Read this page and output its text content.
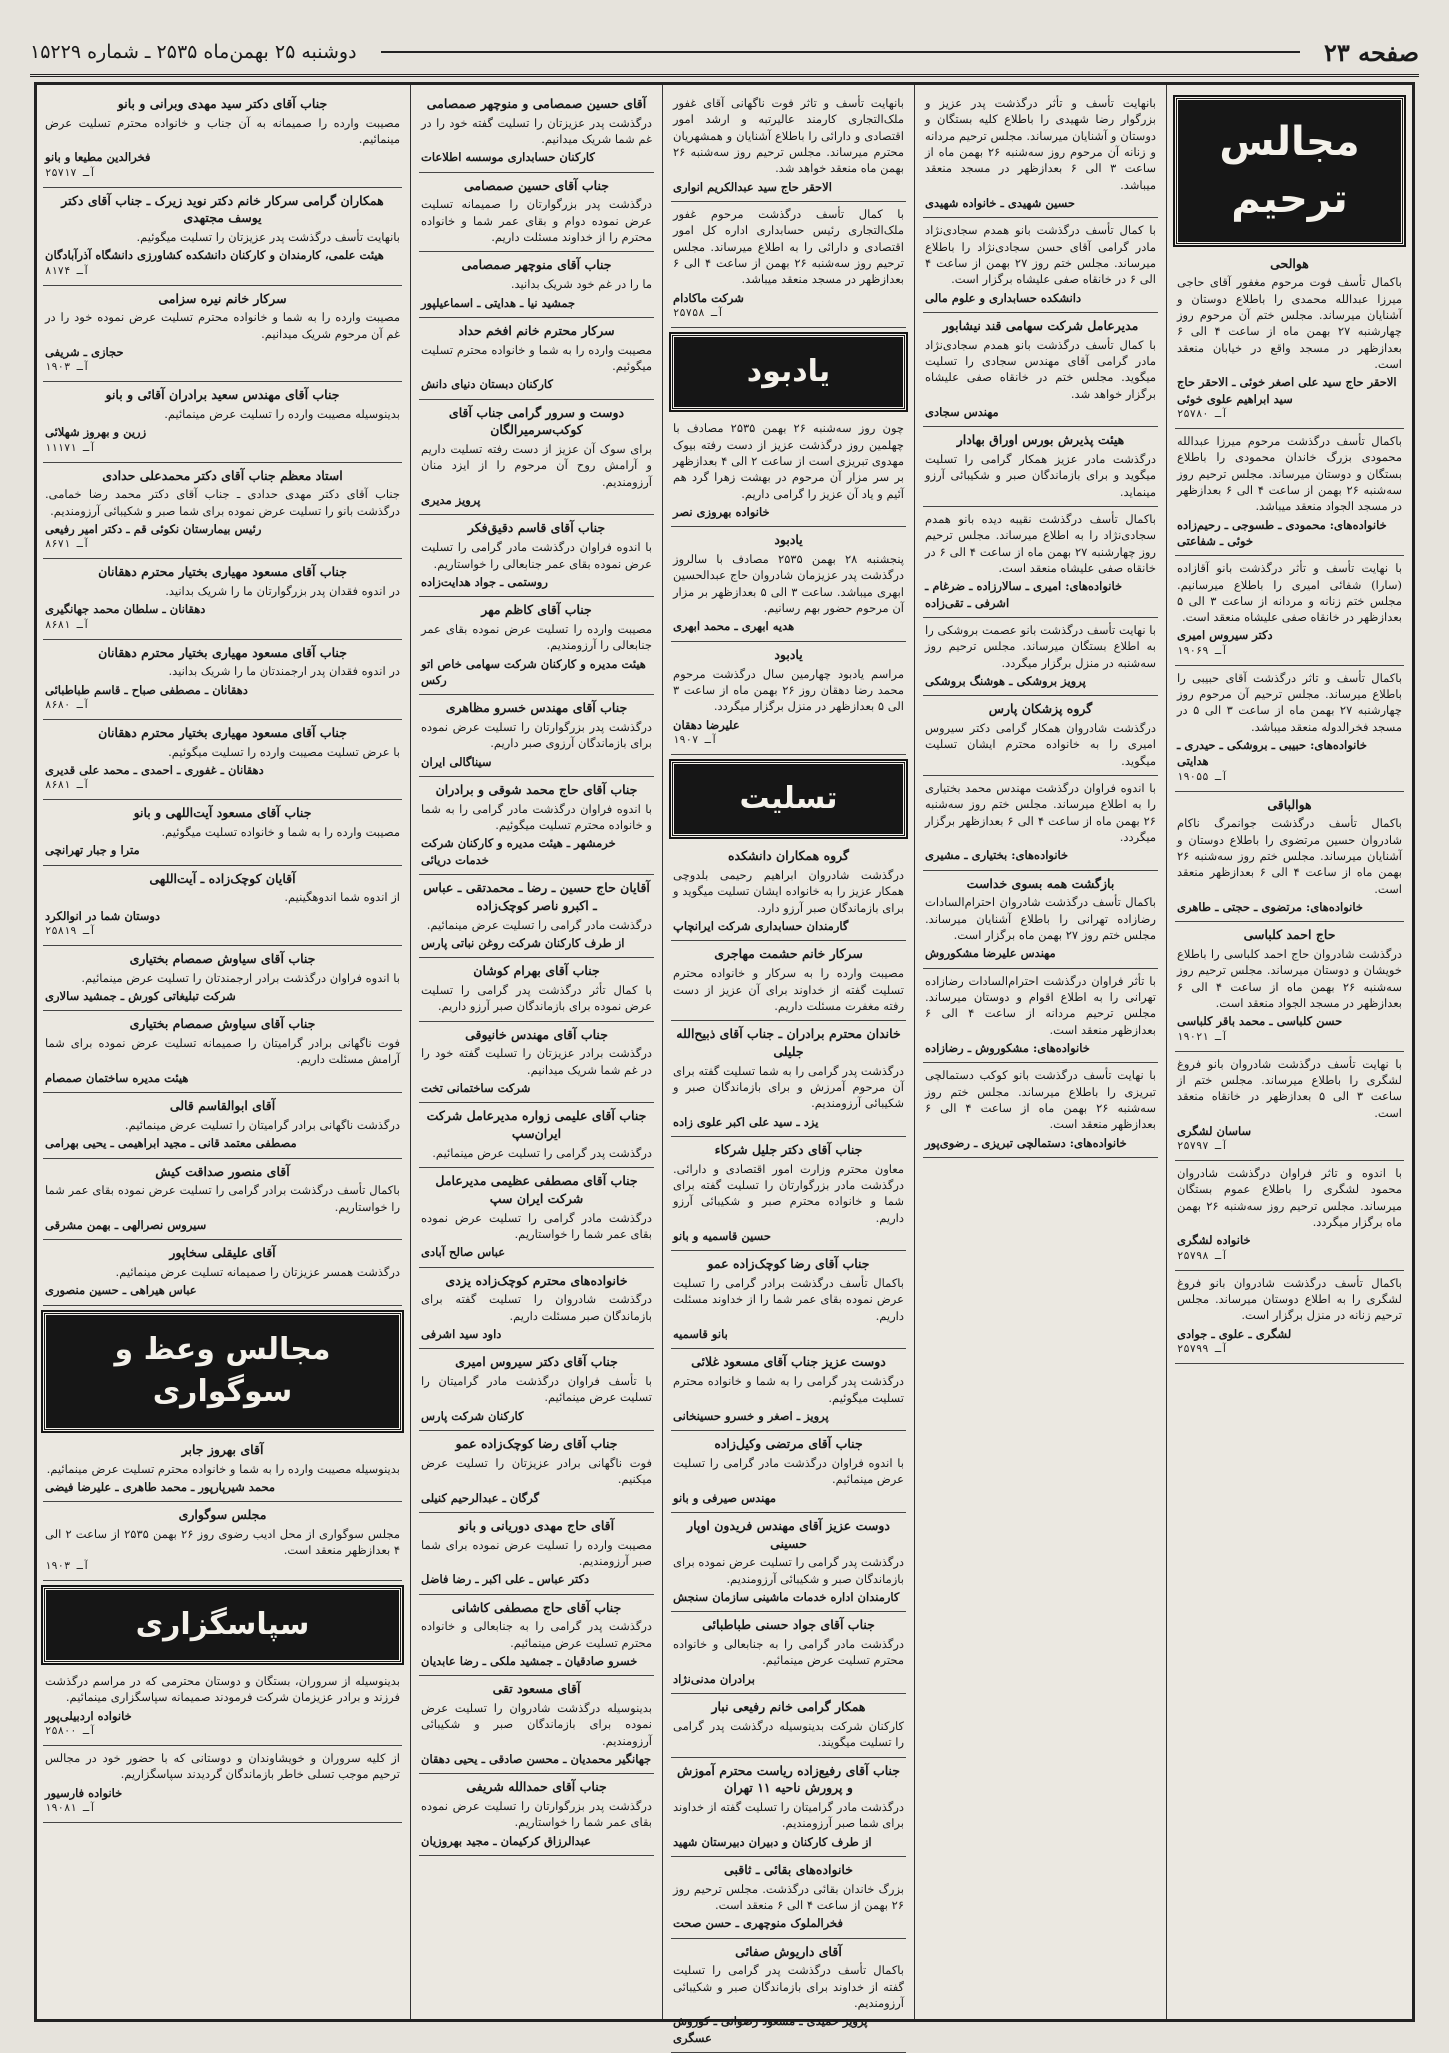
صفحه ۲۳
دوشنبه ۲۵ بهمن‌ماه ۲۵۳۵ ـ شماره ۱۵۲۲۹
مجالس ترحیم
هوالحی

باکمال تأسف فوت مرحوم مغفور آقای حاجی میرزا عبدالله محمدی را باطلاع دوستان و آشنایان میرساند. مجلس ختم آن مرحوم روز چهارشنبه ۲۷ بهمن ماه از ساعت ۴ الی ۶ بعدازظهر در مسجد واقع در خیابان منعقد است.

الاحقر حاج سید علی اصغر خوئی ـ الاحقر حاج سید ابراهیم علوی خوئی
آـ ۲۵۷۸۰

باکمال تأسف درگذشت مرحوم میرزا عبدالله محمودی بزرگ خاندان محمودی را باطلاع بستگان و دوستان میرساند. مجلس ترحیم روز سه‌شنبه ۲۶ بهمن از ساعت ۴ الی ۶ بعدازظهر در مسجد الجواد منعقد میباشد.

خانواده‌های: محمودی ـ طسوجی ـ رحیم‌زاده خوئی ـ شفاعتی

با نهایت تأسف و تأثر درگذشت بانو آقازاده (سارا) شفائی امیری را باطلاع میرسانیم. مجلس ختم زنانه و مردانه از ساعت ۳ الی ۵ بعدازظهر در خانقاه صفی علیشاه منعقد است.

دکتر سیروس امیری
آـ ۱۹۰۶۹

باکمال تأسف و تاثر درگذشت آقای حبیبی را باطلاع میرساند. مجلس ترحیم آن مرحوم روز چهارشنبه ۲۷ بهمن ماه از ساعت ۳ الی ۵ در مسجد فخرالدوله منعقد میباشد.

خانواده‌های: حبیبی ـ بروشکی ـ حیدری ـ هدایتی
آـ ۱۹۰۵۵
هوالباقی

باکمال تأسف درگذشت جوانمرگ ناکام شادروان حسین مرتضوی را باطلاع دوستان و آشنایان میرساند. مجلس ختم روز سه‌شنبه ۲۶ بهمن ماه از ساعت ۴ الی ۶ بعدازظهر منعقد است.

خانواده‌های: مرتضوی ـ حجتی ـ طاهری
حاج احمد کلباسی

درگذشت شادروان حاج احمد کلباسی را باطلاع خویشان و دوستان میرساند. مجلس ترحیم روز سه‌شنبه ۲۶ بهمن ماه از ساعت ۴ الی ۶ بعدازظهر در مسجد الجواد منعقد است.

حسن کلباسی ـ محمد باقر کلباسی
آـ ۱۹۰۲۱

با نهایت تأسف درگذشت شادروان بانو فروغ لشگری را باطلاع میرساند. مجلس ختم از ساعت ۳ الی ۵ بعدازظهر در خانقاه منعقد است.

ساسان لشگری
آـ ۲۵۷۹۷

با اندوه و تاثر فراوان درگذشت شادروان محمود لشگری را باطلاع عموم بستگان میرساند. مجلس ترحیم روز سه‌شنبه ۲۶ بهمن ماه برگزار میگردد.

خانواده لشگری
آـ ۲۵۷۹۸

باکمال تأسف درگذشت شادروان بانو فروغ لشگری را به اطلاع دوستان میرساند. مجلس ترحیم زنانه در منزل برگزار است.

لشگری ـ علوی ـ جوادی
آـ ۲۵۷۹۹

بانهایت تأسف و تأثر درگذشت پدر عزیز و بزرگوار رضا شهیدی را باطلاع کلیه بستگان و دوستان و آشنایان میرساند. مجلس ترحیم مردانه و زنانه آن مرحوم روز سه‌شنبه ۲۶ بهمن ماه از ساعت ۳ الی ۶ بعدازظهر در مسجد منعقد میباشد.

حسین شهیدی ـ خانواده شهیدی

با کمال تأسف درگذشت بانو همدم سجادی‌نژاد مادر گرامی آقای حسن سجادی‌نژاد را باطلاع میرساند. مجلس ختم روز ۲۷ بهمن از ساعت ۴ الی ۶ در خانقاه صفی علیشاه برگزار است.

دانشکده حسابداری و علوم مالی
مدیرعامل شرکت سهامی قند نیشابور

با کمال تأسف درگذشت بانو همدم سجادی‌نژاد مادر گرامی آقای مهندس سجادی را تسلیت میگوید. مجلس ختم در خانقاه صفی علیشاه برگزار خواهد شد.

مهندس سجادی
هیئت پذیرش بورس اوراق بهادار

درگذشت مادر عزیز همکار گرامی را تسلیت میگوید و برای بازماندگان صبر و شکیبائی آرزو مینماید.

باکمال تأسف درگذشت نقیبه دیده بانو همدم سجادی‌نژاد را به اطلاع میرساند. مجلس ترحیم روز چهارشنبه ۲۷ بهمن ماه از ساعت ۴ الی ۶ در خانقاه صفی علیشاه منعقد است.

خانواده‌های: امیری ـ سالارزاده ـ ضرغام ـ اشرفی ـ تقی‌زاده

با نهایت تأسف درگذشت بانو عصمت بروشکی را به اطلاع بستگان میرساند. مجلس ترحیم روز سه‌شنبه در منزل برگزار میگردد.

پرویز بروشکی ـ هوشنگ بروشکی
گروه پزشکان پارس

درگذشت شادروان همکار گرامی دکتر سیروس امیری را به خانواده محترم ایشان تسلیت میگوید.

با اندوه فراوان درگذشت مهندس محمد بختیاری را به اطلاع میرساند. مجلس ختم روز سه‌شنبه ۲۶ بهمن ماه از ساعت ۴ الی ۶ بعدازظهر برگزار میگردد.

خانواده‌های: بختیاری ـ مشیری
بازگشت همه بسوی خداست

باکمال تأسف درگذشت شادروان احترام‌السادات رضازاده تهرانی را باطلاع آشنایان میرساند. مجلس ختم روز ۲۷ بهمن ماه برگزار است.

مهندس علیرضا مشکوروش

با تأثر فراوان درگذشت احترام‌السادات رضازاده تهرانی را به اطلاع اقوام و دوستان میرساند. مجلس ترحیم مردانه از ساعت ۴ الی ۶ بعدازظهر منعقد است.

خانواده‌های: مشکوروش ـ رضازاده

با نهایت تأسف درگذشت بانو کوکب دستمالچی تبریزی را باطلاع میرساند. مجلس ختم روز سه‌شنبه ۲۶ بهمن ماه از ساعت ۴ الی ۶ بعدازظهر منعقد است.

خانواده‌های: دستمالچی تبریزی ـ رضوی‌پور

بانهایت تأسف و تاثر فوت ناگهانی آقای غفور ملک‌التجاری کارمند عالیرتبه و ارشد امور اقتصادی و دارائی را باطلاع آشنایان و همشهریان محترم میرساند. مجلس ترحیم روز سه‌شنبه ۲۶ بهمن ماه منعقد خواهد شد.

الاحقر حاج سید عبدالکریم انواری

با کمال تأسف درگذشت مرحوم غفور ملک‌التجاری رئیس حسابداری اداره کل امور اقتصادی و دارائی را به اطلاع میرساند. مجلس ترحیم روز سه‌شنبه ۲۶ بهمن از ساعت ۴ الی ۶ بعدازظهر در مسجد منعقد میباشد.

شرکت ماکادام
آـ ۲۵۷۵۸
یادبود

چون روز سه‌شنبه ۲۶ بهمن ۲۵۳۵ مصادف با چهلمین روز درگذشت عزیز از دست رفته بیوک مهدوی تبریزی است از ساعت ۲ الی ۴ بعدازظهر بر سر مزار آن مرحوم در بهشت زهرا گرد هم آئیم و یاد آن عزیز را گرامی داریم.

خانواده بهروزی نصر
یادبود

پنجشنبه ۲۸ بهمن ۲۵۳۵ مصادف با سالروز درگذشت پدر عزیزمان شادروان حاج عبدالحسین ابهری میباشد. ساعت ۳ الی ۵ بعدازظهر بر مزار آن مرحوم حضور بهم رسانیم.

هدیه ابهری ـ محمد ابهری
یادبود

مراسم یادبود چهارمین سال درگذشت مرحوم محمد رضا دهقان روز ۲۶ بهمن ماه از ساعت ۳ الی ۵ بعدازظهر در منزل برگزار میگردد.

علیرضا دهقان
آـ ۱۹۰۷
تسلیت
گروه همکاران دانشکده

درگذشت شادروان ابراهیم رحیمی بلدوچی همکار عزیز را به خانواده ایشان تسلیت میگوید و برای بازماندگان صبر آرزو دارد.

گارمندان حسابداری شرکت ایرانچاپ
سرکار خانم حشمت مهاجری

مصیبت وارده را به سرکار و خانواده محترم تسلیت گفته از خداوند برای آن عزیز از دست رفته مغفرت مسئلت داریم.

خاندان محترم برادران ـ جناب آقای ذبیح‌الله جلیلی

درگذشت پدر گرامی را به شما تسلیت گفته برای آن مرحوم آمرزش و برای بازماندگان صبر و شکیبائی آرزومندیم.

یزد ـ سید علی اکبر علوی زاده
جناب آقای دکتر جلیل شرکاء

معاون محترم وزارت امور اقتصادی و دارائی. درگذشت مادر بزرگوارتان را تسلیت گفته برای شما و خانواده محترم صبر و شکیبائی آرزو داریم.

حسین قاسمیه و بانو
جناب آقای رضا کوچک‌زاده عمو

باکمال تأسف درگذشت برادر گرامی را تسلیت عرض نموده بقای عمر شما را از خداوند مسئلت داریم.

بانو قاسمیه
دوست عزیز جناب آقای مسعود غلائی

درگذشت پدر گرامی را به شما و خانواده محترم تسلیت میگوئیم.

پرویز ـ اصغر و خسرو حسینخانی
جناب آقای مرتضی وکیل‌زاده

با اندوه فراوان درگذشت مادر گرامی را تسلیت عرض مینمائیم.

مهندس صیرفی و بانو
دوست عزیز آقای مهندس فریدون اوپار حسینی

درگذشت پدر گرامی را تسلیت عرض نموده برای بازماندگان صبر و شکیبائی آرزومندیم.

کارمندان اداره خدمات ماشینی سازمان سنجش
جناب آقای جواد حسنی طباطبائی

درگذشت مادر گرامی را به جنابعالی و خانواده محترم تسلیت عرض مینمائیم.

برادران مدنی‌نژاد
همکار گرامی خانم رفیعی نبار

کارکنان شرکت بدینوسیله درگذشت پدر گرامی را تسلیت میگویند.

جناب آقای رفیع‌زاده ریاست محترم آموزش و پرورش ناحیه ۱۱ تهران

درگذشت مادر گرامیتان را تسلیت گفته از خداوند برای شما صبر آرزومندیم.

از طرف کارکنان و دبیران دبیرستان شهید
خانواده‌های بقائی ـ ثاقبی

بزرگ خاندان بقائی درگذشت. مجلس ترحیم روز ۲۶ بهمن از ساعت ۴ الی ۶ منعقد است.

فخرالملوک منوچهری ـ حسن صحت
آقای داریوش صفائی

باکمال تأسف درگذشت پدر گرامی را تسلیت گفته از خداوند برای بازماندگان صبر و شکیبائی آرزومندیم.

پرویز حمیدی ـ مسعود رضوانی ـ کوروش عسگری
آقای حسین صمصامی و منوچهر صمصامی

درگذشت پدر عزیزتان را تسلیت گفته خود را در غم شما شریک میدانیم.

کارکنان حسابداری موسسه اطلاعات
جناب آقای حسین صمصامی

درگذشت پدر بزرگوارتان را صمیمانه تسلیت عرض نموده دوام و بقای عمر شما و خانواده محترم را از خداوند مسئلت داریم.

جناب آقای منوچهر صمصامی

ما را در غم خود شریک بدانید.

جمشید نیا ـ هدایتی ـ اسماعیلپور
سرکار محترم خانم افخم حداد

مصیبت وارده را به شما و خانواده محترم تسلیت میگوئیم.

کارکنان دبستان دنیای دانش
دوست و سرور گرامی جناب آقای کوکب‌سرمیرالگان

برای سوک آن عزیز از دست رفته تسلیت داریم و آرامش روح آن مرحوم را از ایزد منان آرزومندیم.

پرویز مدیری
جناب آقای قاسم دقیق‌فکر

با اندوه فراوان درگذشت مادر گرامی را تسلیت عرض نموده بقای عمر جنابعالی را خواستاریم.

روستمی ـ جواد هدایت‌زاده
جناب آقای کاظم مهر

مصیبت وارده را تسلیت عرض نموده بقای عمر جنابعالی را آرزومندیم.

هیئت مدیره و کارکنان شرکت سهامی خاص اتو رکس
جناب آقای مهندس خسرو مظاهری

درگذشت پدر بزرگوارتان را تسلیت عرض نموده برای بازماندگان آرزوی صبر داریم.

سیناگالی ایران
جناب آقای حاج محمد شوقی و برادران

با اندوه فراوان درگذشت مادر گرامی را به شما و خانواده محترم تسلیت میگوئیم.

خرمشهر ـ هیئت مدیره و کارکنان شرکت خدمات دریائی
آقایان حاج حسین ـ رضا ـ محمدتقی ـ عباس ـ اکبرو ناصر کوچک‌زاده

درگذشت مادر گرامی را تسلیت عرض مینمائیم.

از طرف کارکنان شرکت روغن نباتی پارس
جناب آقای بهرام کوشان

با کمال تأثر درگذشت پدر گرامی را تسلیت عرض نموده برای بازماندگان صبر آرزو داریم.

جناب آقای مهندس خانیوقی

درگذشت برادر عزیزتان را تسلیت گفته خود را در غم شما شریک میدانیم.

شرکت ساختمانی تخت
جناب آقای علیمی زواره مدیرعامل شرکت ایران‌سپ

درگذشت پدر گرامی را تسلیت عرض مینمائیم.

جناب آقای مصطفی عظیمی مدیرعامل شرکت ایران سپ

درگذشت مادر گرامی را تسلیت عرض نموده بقای عمر شما را خواستاریم.

عباس صالح آبادی
خانواده‌های محترم کوچک‌زاده یزدی

درگذشت شادروان را تسلیت گفته برای بازماندگان صبر مسئلت داریم.

داود سید اشرفی
جناب آقای دکتر سیروس امیری

با تأسف فراوان درگذشت مادر گرامیتان را تسلیت عرض مینمائیم.

کارکنان شرکت پارس
جناب آقای رضا کوچک‌زاده عمو

فوت ناگهانی برادر عزیزتان را تسلیت عرض میکنیم.

گرگان ـ عبدالرحیم کنیلی
آقای حاج مهدی دوریانی و بانو

مصیبت وارده را تسلیت عرض نموده برای شما صبر آرزومندیم.

دکتر عباس ـ علی اکبر ـ رضا فاضل
جناب آقای حاج مصطفی کاشانی

درگذشت پدر گرامی را به جنابعالی و خانواده محترم تسلیت عرض مینمائیم.

خسرو صادقیان ـ جمشید ملکی ـ رضا عابدیان
آقای مسعود تقی

بدینوسیله درگذشت شادروان را تسلیت عرض نموده برای بازماندگان صبر و شکیبائی آرزومندیم.

جهانگیر محمدیان ـ محسن صادقی ـ یحیی دهقان
جناب آقای حمدالله شریفی

درگذشت پدر بزرگوارتان را تسلیت عرض نموده بقای عمر شما را خواستاریم.

عبدالرزاق کرکیمان ـ مجید بهروزیان
جناب آقای دکتر سید مهدی وبرانی و بانو

مصیبت وارده را صمیمانه به آن جناب و خانواده محترم تسلیت عرض مینمائیم.

فخرالدین مطیعا و بانو
آـ ۲۵۷۱۷
همکاران گرامی سرکار خانم دکتر نوید زیرک ـ جناب آقای دکتر یوسف مجتهدی

بانهایت تأسف درگذشت پدر عزیزتان را تسلیت میگوئیم.

هیئت علمی، کارمندان و کارکنان دانشکده کشاورزی دانشگاه آذرآبادگان
آـ ۸۱۷۴
سرکار خانم نیره سزامی

مصیبت وارده را به شما و خانواده محترم تسلیت عرض نموده خود را در غم آن مرحوم شریک میدانیم.

حجازی ـ شریفی
آـ ۱۹۰۳
جناب آقای مهندس سعید برادران آقائی و بانو

بدینوسیله مصیبت وارده را تسلیت عرض مینمائیم.

زرین و بهروز شهلائی
آـ ۱۱۱۷۱
استاد معظم جناب آقای دکتر محمدعلی حدادی

جناب آقای دکتر مهدی حدادی ـ جناب آقای دکتر محمد رضا خمامی. درگذشت بانو را تسلیت عرض نموده برای شما صبر و شکیبائی آرزومندیم.

رئیس بیمارستان نکوئی قم ـ دکتر امیر رفیعی
آـ ۸۶۷۱
جناب آقای مسعود مهیاری بختیار محترم دهقانان

در اندوه فقدان پدر بزرگوارتان ما را شریک بدانید.

دهقانان ـ سلطان محمد جهانگیری
آـ ۸۶۸۱
جناب آقای مسعود مهیاری بختیار محترم دهقانان

در اندوه فقدان پدر ارجمندتان ما را شریک بدانید.

دهقانان ـ مصطفی صباح ـ قاسم طباطبائی
آـ ۸۶۸۰
جناب آقای مسعود مهیاری بختیار محترم دهقانان

با عرض تسلیت مصیبت وارده را تسلیت میگوئیم.

دهقانان ـ غفوری ـ احمدی ـ محمد علی قدیری
آـ ۸۶۸۱
جناب آقای مسعود آیت‌اللهی و بانو

مصیبت وارده را به شما و خانواده تسلیت میگوئیم.

مترا و جبار تهرانچی
آقایان کوچک‌زاده ـ آیت‌اللهی

از اندوه شما اندوهگینیم.

دوستان شما در انوالکرد
آـ ۲۵۸۱۹
جناب آقای سیاوش صمصام بختیاری

با اندوه فراوان درگذشت برادر ارجمندتان را تسلیت عرض مینمائیم.

شرکت تبلیغاتی کورش ـ جمشید سالاری
جناب آقای سیاوش صمصام بختیاری

فوت ناگهانی برادر گرامیتان را صمیمانه تسلیت عرض نموده برای شما آرامش مسئلت داریم.

هیئت مدیره ساختمان صمصام
آقای ابوالقاسم قالی

درگذشت ناگهانی برادر گرامیتان را تسلیت عرض مینمائیم.

مصطفی معتمد قانی ـ مجید ابراهیمی ـ یحیی بهرامی
آقای منصور صداقت کیش

باکمال تأسف درگذشت برادر گرامی را تسلیت عرض نموده بقای عمر شما را خواستاریم.

سیروس نصرالهی ـ بهمن مشرقی
آقای علیقلی سخاپور

درگذشت همسر عزیزتان را صمیمانه تسلیت عرض مینمائیم.

عباس هیراهی ـ حسین منصوری
مجالس وعظ و سوگواری
آقای بهروز جابر

بدینوسیله مصیبت وارده را به شما و خانواده محترم تسلیت عرض مینمائیم.

محمد شیرپارپور ـ محمد طاهری ـ علیرضا فیضی
مجلس سوگواری

مجلس سوگواری از محل ادیب رضوی روز ۲۶ بهمن ۲۵۳۵ از ساعت ۲ الی ۴ بعدازظهر منعقد است.

آـ ۱۹۰۳
سپاسگزاری

بدینوسیله از سروران، بستگان و دوستان محترمی که در مراسم درگذشت فرزند و برادر عزیزمان شرکت فرمودند صمیمانه سپاسگزاری مینمائیم.

خانواده اردبیلی‌پور
آـ ۲۵۸۰۰

از کلیه سروران و خویشاوندان و دوستانی که با حضور خود در مجالس ترحیم موجب تسلی خاطر بازماندگان گردیدند سپاسگزاریم.

خانواده فارسیور
آـ ۱۹۰۸۱
